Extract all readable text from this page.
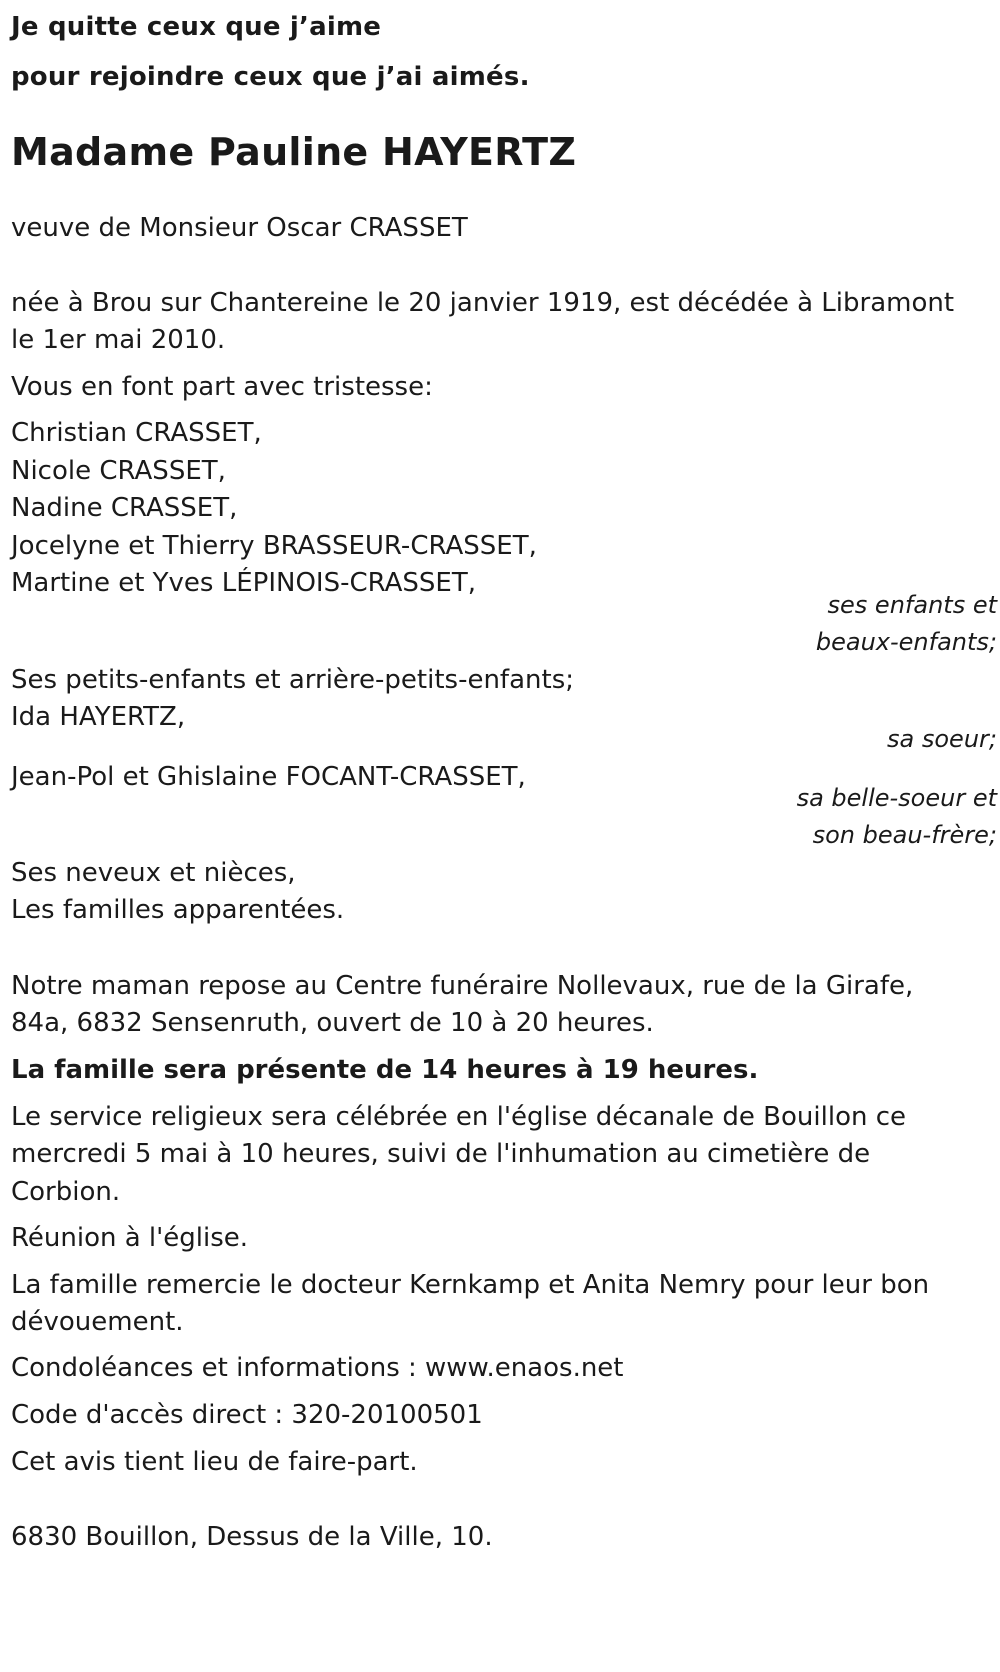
Je quitte ceux que j’aime

pour rejoindre ceux que j’ai aimés.

Madame Pauline HAYERTZ

veuve de Monsieur Oscar CRASSET

née à Brou sur Chantereine le 20 janvier 1919, est décédée à Libramont

le 1er mai 2010.

Vous en font part avec tristesse:

Christian CRASSET,

Nicole CRASSET,

Nadine CRASSET,

Jocelyne et Thierry BRASSEUR-CRASSET,

Martine et Yves LÉPINOIS-CRASSET,

ses enfants et

beaux-enfants;

Ses petits-enfants et arrière-petits-enfants;

Ida HAYERTZ,

sa soeur;

Jean-Pol et Ghislaine FOCANT-CRASSET,

sa belle-soeur et

son beau-frère;

Ses neveux et nièces,

Les familles apparentées.

Notre maman repose au Centre funéraire Nollevaux, rue de la Girafe,

84a, 6832 Sensenruth, ouvert de 10 à 20 heures.

La famille sera présente de 14 heures à 19 heures.

Le service religieux sera célébrée en l'église décanale de Bouillon ce

mercredi 5 mai à 10 heures, suivi de l'inhumation au cimetière de

Corbion.

Réunion à l'église.

La famille remercie le docteur Kernkamp et Anita Nemry pour leur bon

dévouement.

Condoléances et informations : www.enaos.net

Code d'accès direct : 320-20100501

Cet avis tient lieu de faire-part.

6830 Bouillon, Dessus de la Ville, 10.
